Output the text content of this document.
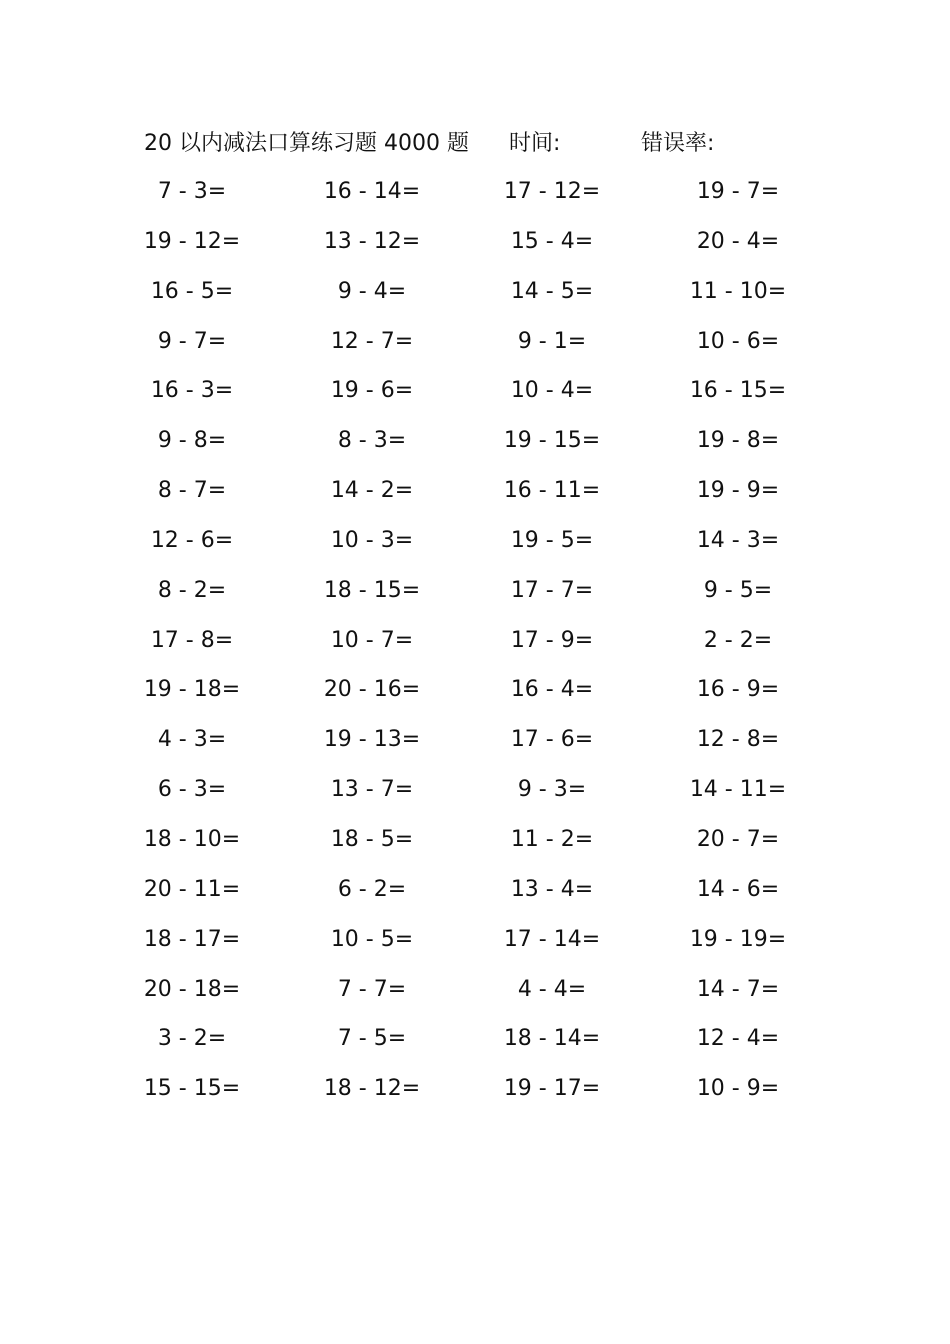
20 以内减法口算练习题 4000 题 时间:	错误率:
7 - 3=	16 - 14=	17 - 12=	19 - 7=
19 - 12=	13 - 12=	15 - 4=	20 - 4=
16 - 5=	9 - 4=	14 - 5=	11 - 10=
9 - 7=	12 - 7=	9 - 1=	10 - 6=
16 - 3=	19 - 6=	10 - 4=	16 - 15=
9 - 8=	8 - 3=	19 - 15=	19 - 8=
8 - 7=	14 - 2=	16 - 11=	19 - 9=
12 - 6=	10 - 3=	19 - 5=	14 - 3=
8 - 2=	18 - 15=	17 - 7=	9 - 5=
17 - 8=	10 - 7=	17 - 9=	2 - 2=
19 - 18=	20 - 16=	16 - 4=	16 - 9=
4 - 3=	19 - 13=	17 - 6=	12 - 8=
6 - 3=	13 - 7=	9 - 3=	14 - 11=
18 - 10=	18 - 5=	11 - 2=	20 - 7=
20 - 11=	6 - 2=	13 - 4=	14 - 6=
18 - 17=	10 - 5=	17 - 14=	19 - 19=
20 - 18=	7 - 7=	4 - 4=	14 - 7=
3 - 2=	7 - 5=	18 - 14=	12 - 4=
15 - 15=	18 - 12=	19 - 17=	10 - 9=
